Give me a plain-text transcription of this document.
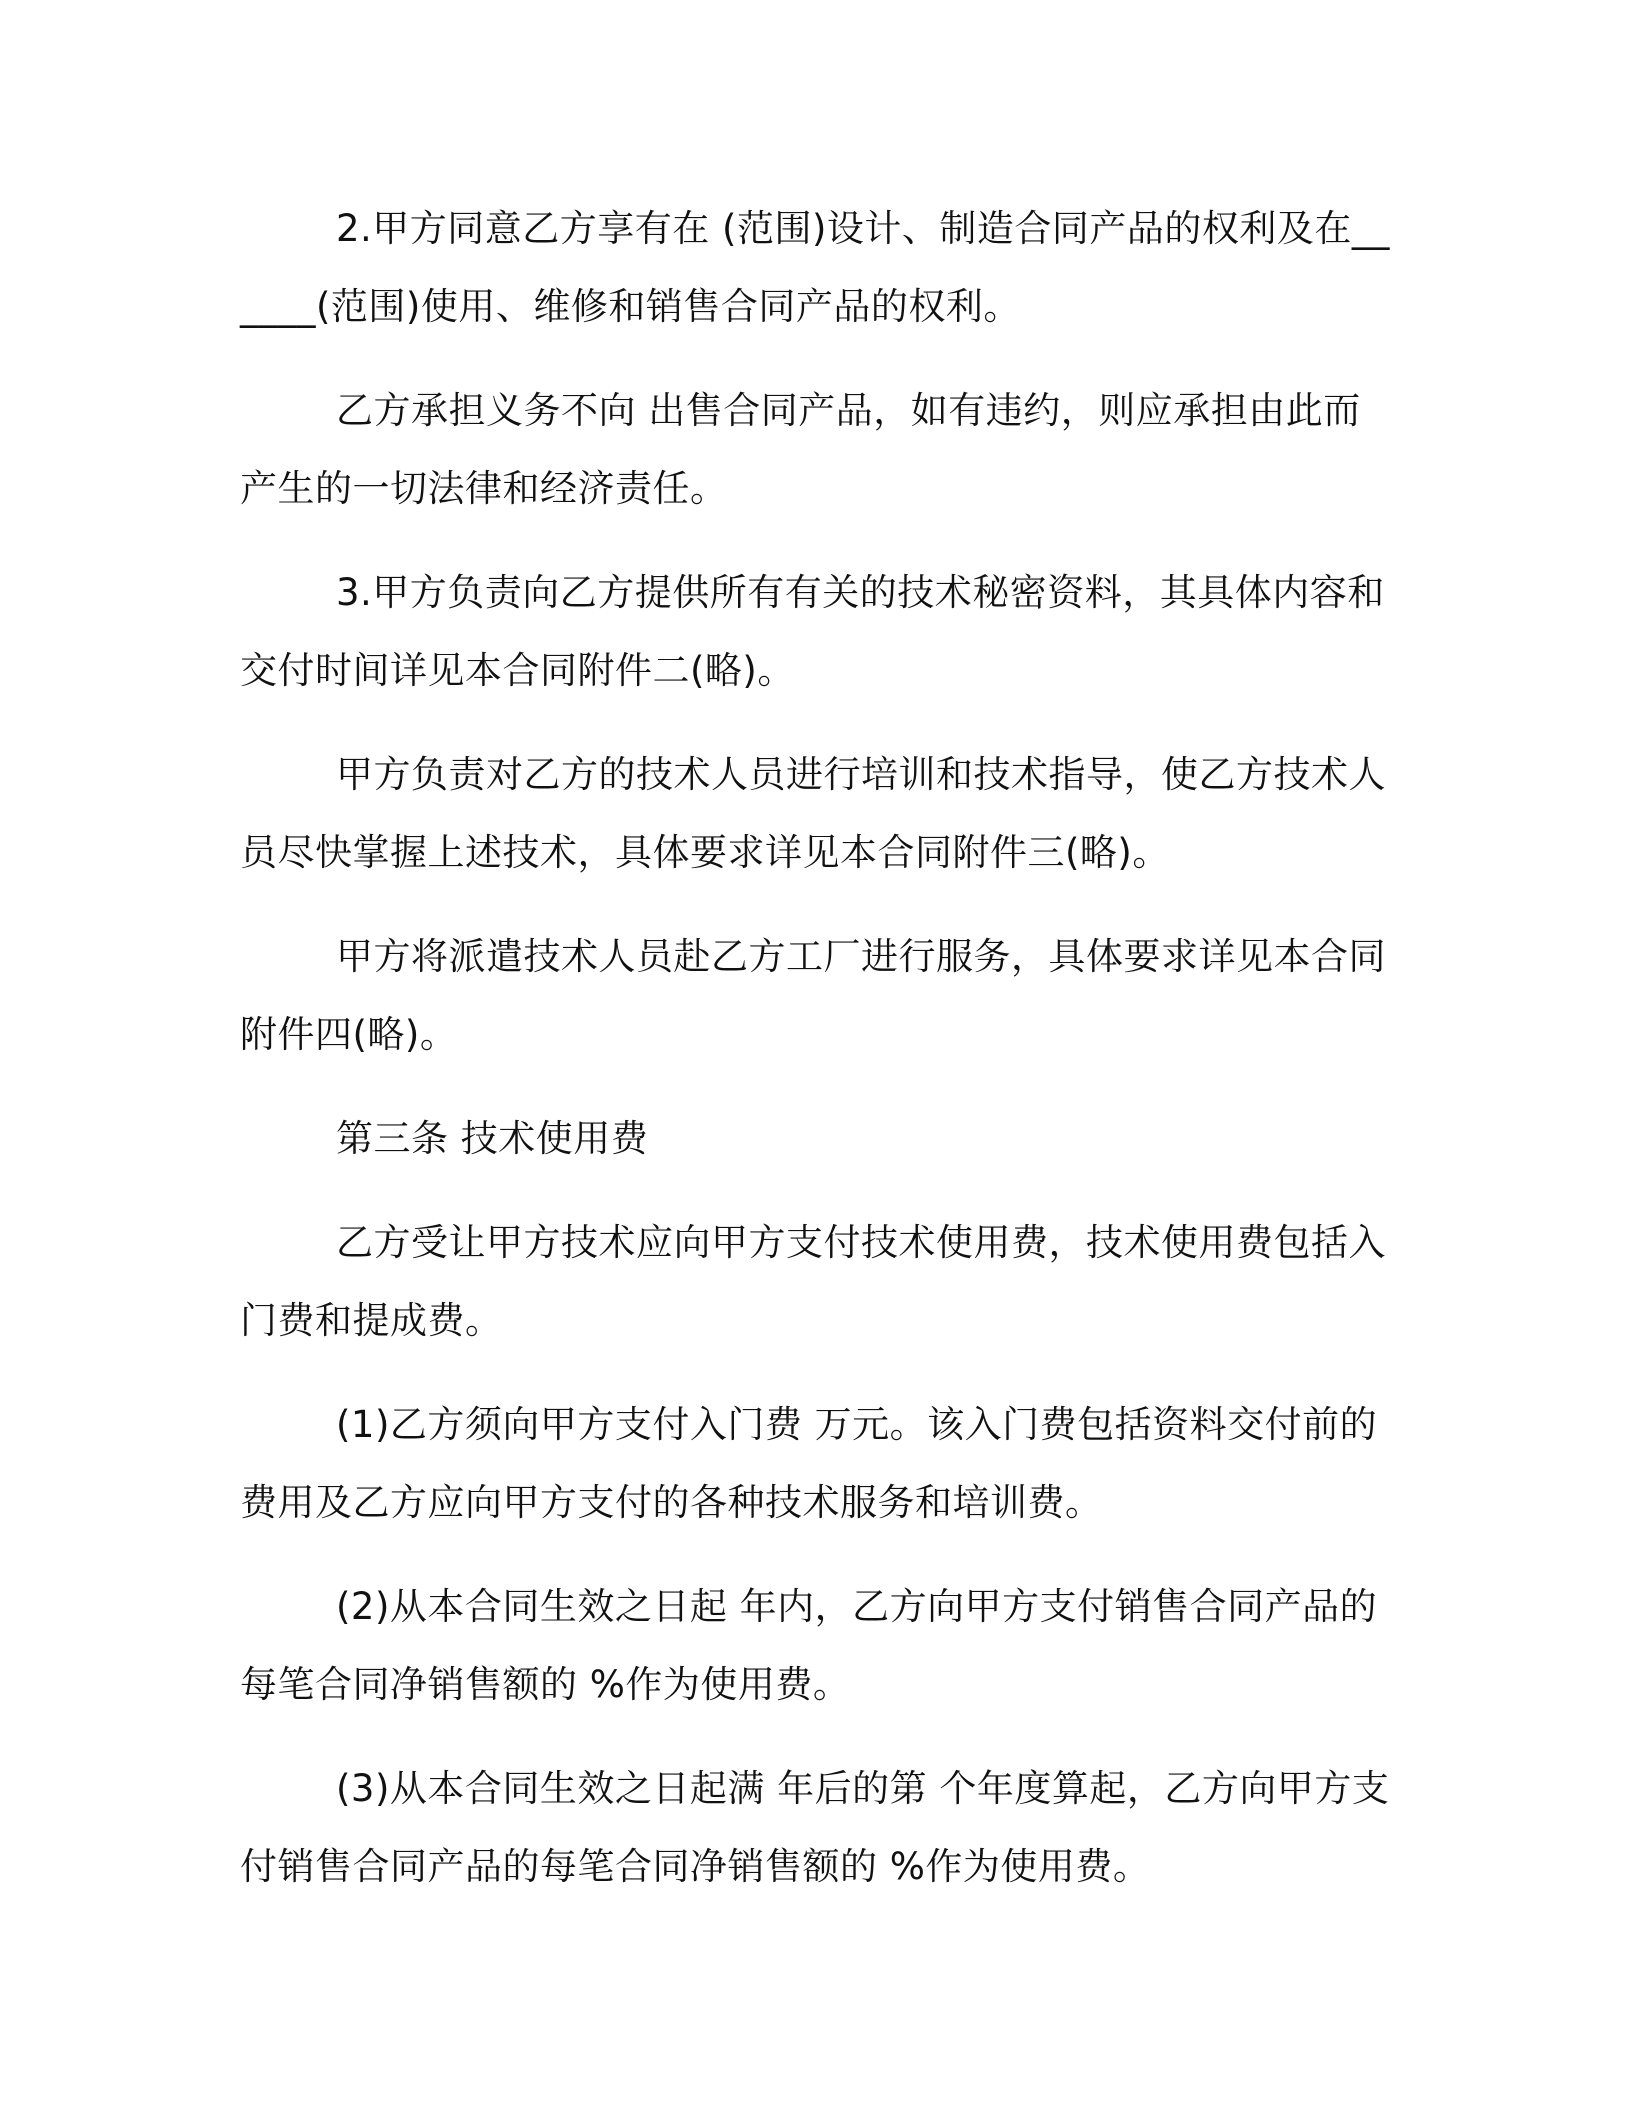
2.甲方同意乙方享有在 (范围)设计、制造合同产品的权利及在______(范围)使用、维修和销售合同产品的权利。

乙方承担义务不向 出售合同产品，如有违约，则应承担由此而产生的一切法律和经济责任。

3.甲方负责向乙方提供所有有关的技术秘密资料，其具体内容和交付时间详见本合同附件二(略)。

甲方负责对乙方的技术人员进行培训和技术指导，使乙方技术人员尽快掌握上述技术，具体要求详见本合同附件三(略)。

甲方将派遣技术人员赴乙方工厂进行服务，具体要求详见本合同附件四(略)。

第三条 技术使用费

乙方受让甲方技术应向甲方支付技术使用费，技术使用费包括入门费和提成费。

(1)乙方须向甲方支付入门费 万元。该入门费包括资料交付前的费用及乙方应向甲方支付的各种技术服务和培训费。

(2)从本合同生效之日起 年内，乙方向甲方支付销售合同产品的每笔合同净销售额的 %作为使用费。

(3)从本合同生效之日起满 年后的第 个年度算起，乙方向甲方支付销售合同产品的每笔合同净销售额的 %作为使用费。
